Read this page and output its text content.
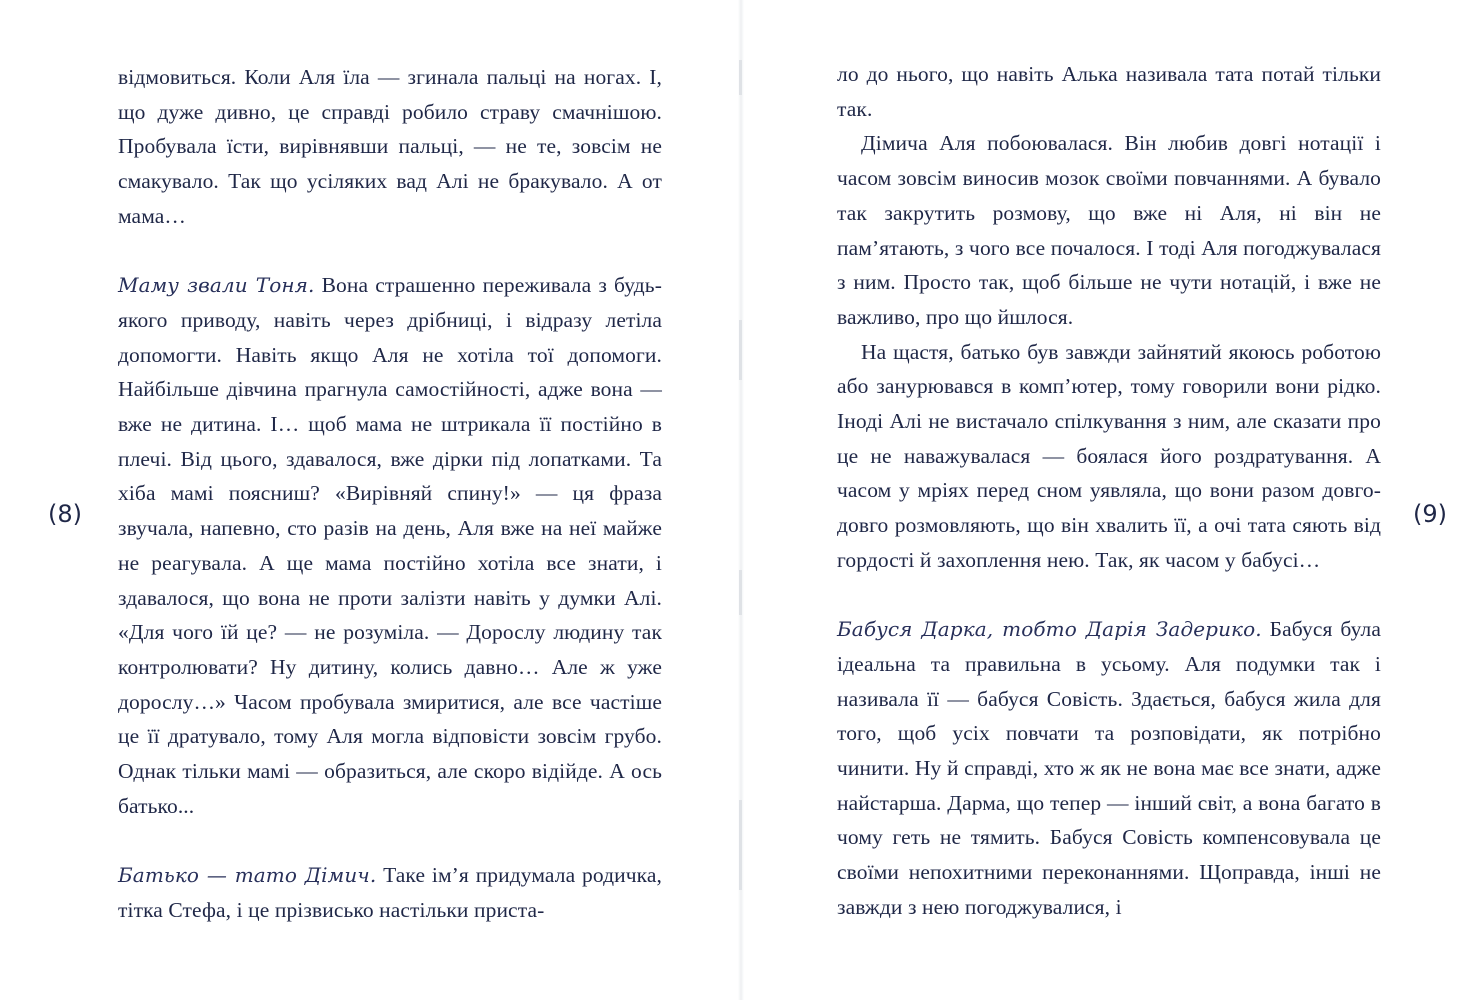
відмовиться. Коли Аля їла — згинала пальці на ногах. І, що дуже дивно, це справді робило страву смачнішою. Пробувала їсти, вирівнявши пальці, — не те, зовсім не смакувало. Так що усіляких вад Алі не бракувало. А от мама…

Маму звали Тоня. Вона страшенно переживала з будь-якого приводу, навіть через дрібниці, і відразу летіла допомогти. Навіть якщо Аля не хотіла тої допомоги. Найбільше дівчина прагнула самостійності, адже вона — вже не дитина. І… щоб мама не штрикала її постійно в плечі. Від цього, здавалося, вже дірки під лопатками. Та хіба мамі поясниш? «Вирівняй спину!» — ця фраза звучала, напевно, сто разів на день, Аля вже на неї майже не реагувала. А ще мама постійно хотіла все знати, і здавалося, що вона не проти залізти навіть у думки Алі. «Для чого їй це? — не розуміла. — Дорослу людину так контролювати? Ну дитину, колись давно… Але ж уже дорослу…» Часом пробувала змиритися, але все частіше це її дратувало, тому Аля могла відповісти зовсім грубо. Однак тільки мамі — образиться, але скоро відійде. А ось батько...

Батько — тато Дімич. Таке ім’я придумала родичка, тітка Стефа, і це прізвисько настільки приста-

(8)

ло до нього, що навіть Алька називала тата потай тільки так.

Дімича Аля побоювалася. Він любив довгі нотації і часом зовсім виносив мозок своїми повчаннями. А бувало так закрутить розмову, що вже ні Аля, ні він не пам’ятають, з чого все почалося. І тоді Аля погоджувалася з ним. Просто так, щоб більше не чути нотацій, і вже не важливо, про що йшлося.

На щастя, батько був завжди зайнятий якоюсь роботою або занурювався в комп’ютер, тому говорили вони рідко. Іноді Алі не вистачало спілкування з ним, але сказати про це не наважувалася — боялася його роздратування. А часом у мріях перед сном уявляла, що вони разом довго-довго розмовляють, що він хвалить її, а очі тата сяють від гордості й захоплення нею. Так, як часом у бабусі…

Бабуся Дарка, тобто Дарія Задерико. Бабуся була ідеальна та правильна в усьому. Аля подумки так і називала її — бабуся Совість. Здається, бабуся жила для того, щоб усіх повчати та розповідати, як потрібно чинити. Ну й справді, хто ж як не вона має все знати, адже найстарша. Дарма, що тепер — інший світ, а вона багато в чому геть не тямить. Бабуся Совість компенсовувала це своїми непохитними переконаннями. Щоправда, інші не завжди з нею погоджувалися, і

(9)
